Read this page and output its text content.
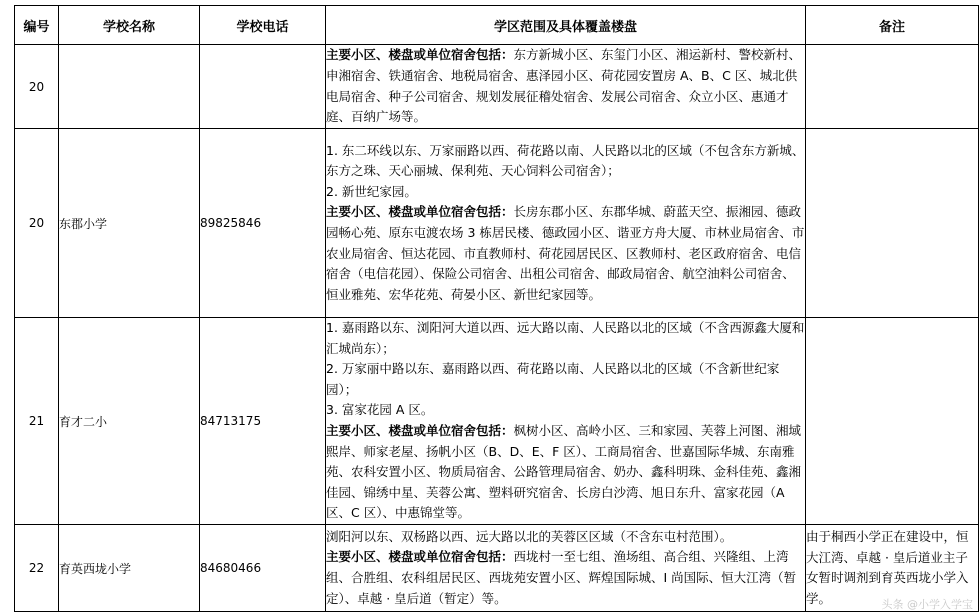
编号	学校名称	学校电话	学区范围及具体覆盖楼盘	备注
20			主要小区、楼盘或单位宿舍包括：东方新城小区、东玺门小区、湘运新村、警校新村、申湘宿舍、铁通宿舍、地税局宿舍、惠泽园小区、荷花园安置房 A、B、C 区、城北供电局宿舍、种子公司宿舍、规划发展征稽处宿舍、发展公司宿舍、众立小区、惠通才庭、百纳广场等。	
20	东郡小学	89825846	1. 东二环线以东、万家丽路以西、荷花路以南、人民路以北的区域（不包含东方新城、东方之珠、天心丽城、保利苑、天心饲料公司宿舍）；
2. 新世纪家园。
主要小区、楼盘或单位宿舍包括：长房东郡小区、东郡华城、蔚蓝天空、振湘园、德政园畅心苑、原东屯渡农场 3 栋居民楼、德政园小区、谐亚方舟大厦、市林业局宿舍、市农业局宿舍、恒达花园、市直教师村、荷花园居民区、区教师村、老区政府宿舍、电信宿舍（电信花园）、保险公司宿舍、出租公司宿舍、邮政局宿舍、航空油料公司宿舍、恒业雅苑、宏华花苑、荷晏小区、新世纪家园等。	
21	育才二小	84713175	1. 嘉雨路以东、浏阳河大道以西、远大路以南、人民路以北的区域（不含西源鑫大厦和汇城尚东）；
2. 万家丽中路以东、嘉雨路以西、荷花路以南、人民路以北的区域（不含新世纪家园）；
3. 富家花园 A 区。
主要小区、楼盘或单位宿舍包括：枫树小区、高岭小区、三和家园、芙蓉上河图、湘域熙岸、师家老屋、扬帆小区（B、D、E、F 区）、工商局宿舍、世嘉国际华城、东南雅苑、农科安置小区、物质局宿舍、公路管理局宿舍、奶办、鑫科明珠、金科佳苑、鑫湘佳园、锦绣中星、芙蓉公寓、塑料研究宿舍、长房白沙湾、旭日东升、富家花园（A 区、C 区）、中惠锦堂等。	
22	育英西垅小学	84680466	浏阳河以东、双杨路以西、远大路以北的芙蓉区区域（不含东屯村范围）。
主要小区、楼盘或单位宿舍包括：西垅村一至七组、渔场组、高合组、兴隆组、上湾组、合胜组、农科组居民区、西垅苑安置小区、辉煌国际城、I 尚国际、恒大江湾（暂定）、卓越 · 皇后道（暂定）等。	由于桐西小学正在建设中，恒大江湾、卓越 · 皇后道业主子女暂时调剂到育英西垅小学入学。	头条 @小学入学宝
